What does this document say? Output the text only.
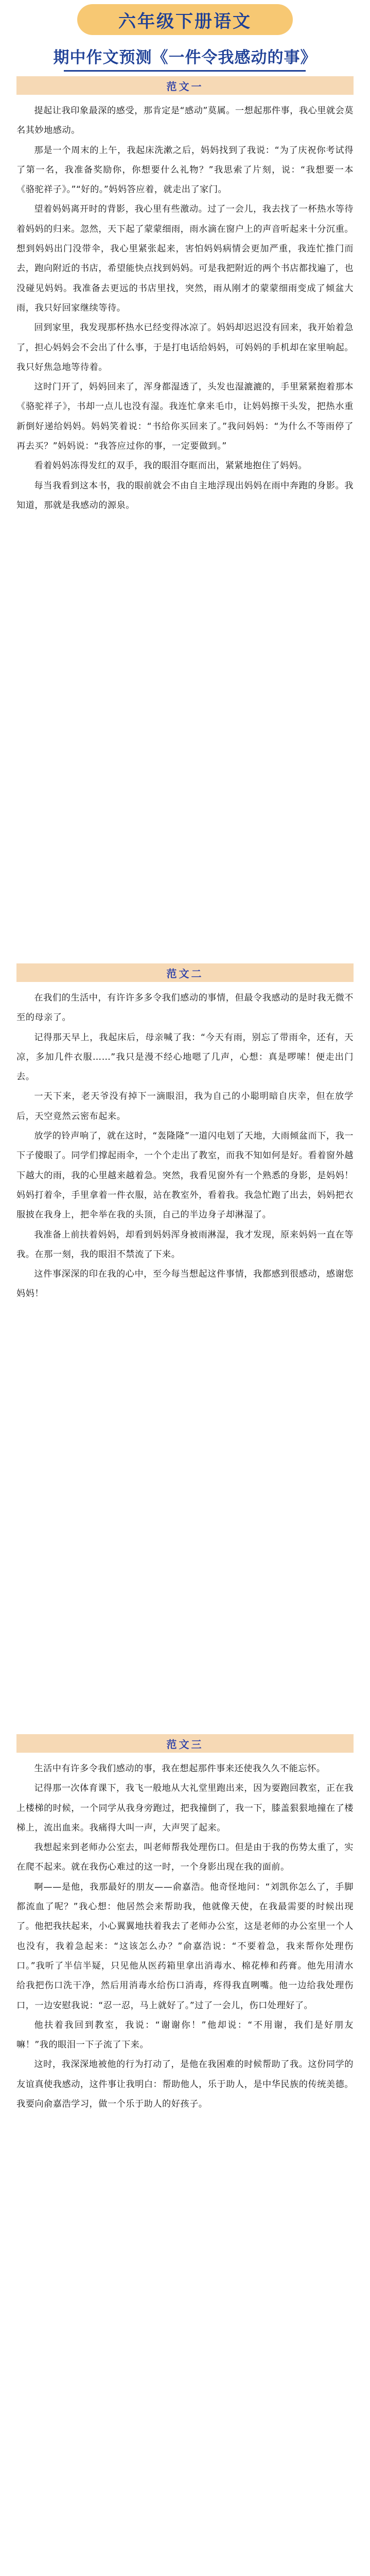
六年级下册语文
期中作文预测《一件令我感动的事》
范文一

提起让我印象最深的感受，那肯定是“感动”莫属。一想起那件事，我心里就会莫名其妙地感动。

那是一个周末的上午，我起床洗漱之后，妈妈找到了我说：“为了庆祝你考试得了第一名，我准备奖励你，你想要什么礼物？”我思索了片刻，说：“我想要一本《骆驼祥子》。”“好的。”妈妈答应着，就走出了家门。

望着妈妈离开时的背影，我心里有些激动。过了一会儿，我去找了一杯热水等待着妈妈的归来。忽然，天下起了蒙蒙细雨，雨水滴在窗户上的声音听起来十分沉重。想到妈妈出门没带伞，我心里紧张起来，害怕妈妈病情会更加严重，我连忙推门而去，跑向附近的书店，希望能快点找到妈妈。可是我把附近的两个书店都找遍了，也没碰见妈妈。我准备去更远的书店里找，突然，雨从刚才的蒙蒙细雨变成了倾盆大雨，我只好回家继续等待。

回到家里，我发现那杯热水已经变得冰凉了。妈妈却迟迟没有回来，我开始着急了，担心妈妈会不会出了什么事，于是打电话给妈妈，可妈妈的手机却在家里响起。我只好焦急地等待着。

这时门开了，妈妈回来了，浑身都湿透了，头发也湿漉漉的，手里紧紧抱着那本《骆驼祥子》，书却一点儿也没有湿。我连忙拿来毛巾，让妈妈擦干头发，把热水重新倒好递给妈妈。妈妈笑着说：“书给你买回来了。”我问妈妈：“为什么不等雨停了再去买？”妈妈说：“我答应过你的事，一定要做到。”

看着妈妈冻得发红的双手，我的眼泪夺眶而出，紧紧地抱住了妈妈。

每当我看到这本书，我的眼前就会不由自主地浮现出妈妈在雨中奔跑的身影。我知道，那就是我感动的源泉。

范文二

在我们的生活中，有许许多多令我们感动的事情，但最令我感动的是时我无微不至的母亲了。

记得那天早上，我起床后，母亲喊了我：“今天有雨，别忘了带雨伞，还有，天凉，多加几件衣服……”我只是漫不经心地嗯了几声，心想：真是啰嗦！便走出门去。

一天下来，老天爷没有掉下一滴眼泪，我为自己的小聪明暗自庆幸，但在放学后，天空竟然云密布起来。

放学的铃声响了，就在这时，“轰隆隆”一道闪电划了天地，大雨倾盆而下，我一下子傻眼了。同学们撑起雨伞，一个个走出了教室，而我不知如何是好。看着窗外越下越大的雨，我的心里越来越着急。突然，我看见窗外有一个熟悉的身影，是妈妈！妈妈打着伞，手里拿着一件衣服，站在教室外，看着我。我急忙跑了出去，妈妈把衣服披在我身上，把伞举在我的头顶，自己的半边身子却淋湿了。

我准备上前扶着妈妈，却看到妈妈浑身被雨淋湿，我才发现，原来妈妈一直在等我。在那一刻，我的眼泪不禁流了下来。

这件事深深的印在我的心中，至今每当想起这件事情，我都感到很感动，感谢您妈妈！

范文三

生活中有许多令我们感动的事，我在想起那件事来还使我久久不能忘怀。

记得那一次体育课下，我飞一般地从大礼堂里跑出来，因为要跑回教室，正在我上楼梯的时候，一个同学从我身旁跑过，把我撞倒了，我一下，膝盖狠狠地撞在了楼梯上，流出血来。我痛得大叫一声，大声哭了起来。

我想起来到老师办公室去，叫老师帮我处理伤口。但是由于我的伤势太重了，实在爬不起来。就在我伤心难过的这一时，一个身影出现在我的面前。

啊——是他，我那最好的朋友——俞嘉浩。他奇怪地问：“刘凯你怎么了，手脚都流血了呢？”我心想：他居然会来帮助我，他就像天使，在我最需要的时候出现了。他把我扶起来，小心翼翼地扶着我去了老师办公室，这是老师的办公室里一个人也没有，我着急起来：“这该怎么办？”俞嘉浩说：“不要着急，我来帮你处理伤口。”我听了半信半疑，只见他从医药箱里拿出消毒水、棉花棒和药膏。他先用清水给我把伤口洗干净，然后用消毒水给伤口消毒，疼得我直咧嘴。他一边给我处理伤口，一边安慰我说：“忍一忍，马上就好了。”过了一会儿，伤口处理好了。

他扶着我回到教室，我说：“谢谢你！”他却说：“不用谢，我们是好朋友嘛！”我的眼泪一下子流了下来。

这时，我深深地被他的行为打动了，是他在我困难的时候帮助了我。这份同学的友谊真使我感动，这件事让我明白：帮助他人，乐于助人，是中华民族的传统美德。我要向俞嘉浩学习，做一个乐于助人的好孩子。
